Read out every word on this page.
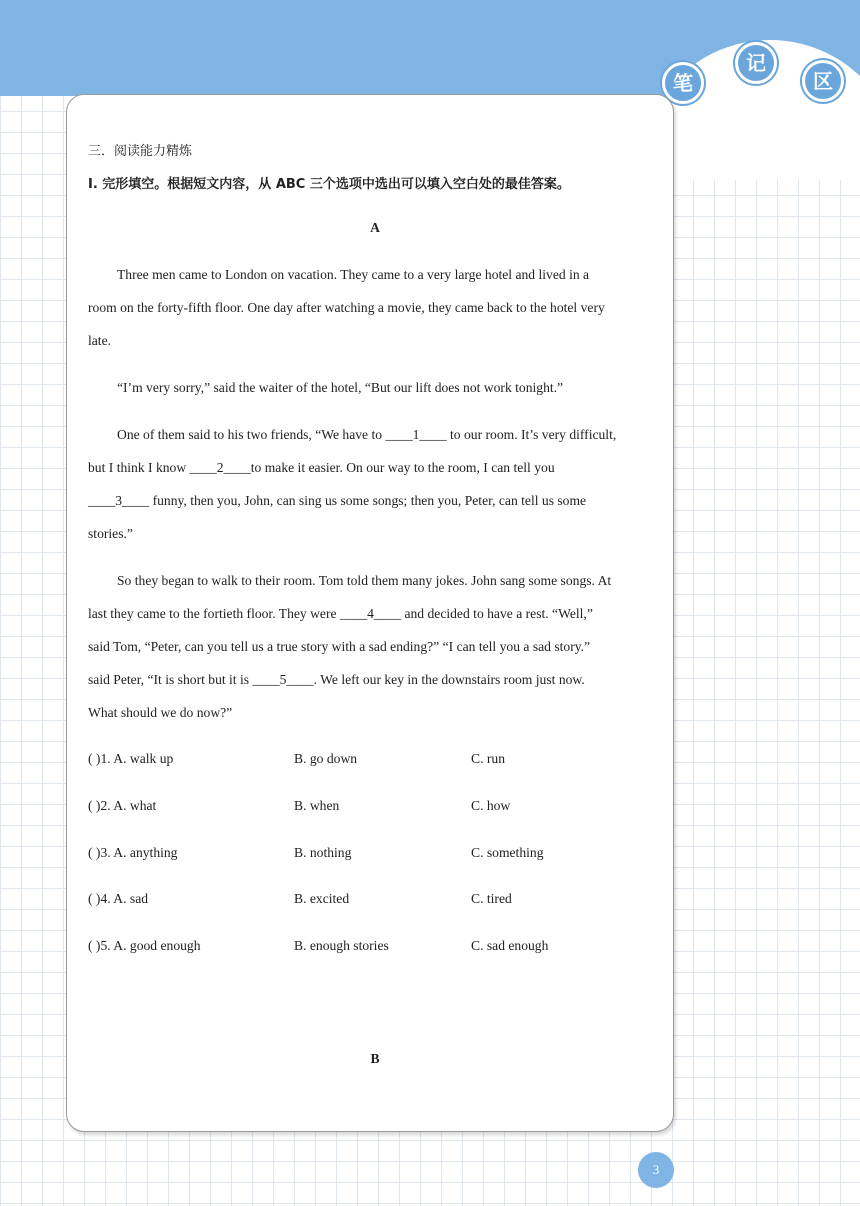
笔
记
区
三．阅读能力精炼
I. 完形填空。根据短文内容，从 ABC 三个选项中选出可以填入空白处的最佳答案。
A
Three men came to London on vacation. They came to a very large hotel and lived in a
room on the forty-fifth floor. One day after watching a movie, they came back to the hotel very
late.
“I’m very sorry,” said the waiter of the hotel, “But our lift does not work tonight.”
One of them said to his two friends, “We have to ____1____ to our room. It’s very difficult,
but I think I know ____2____to make it easier. On our way to the room, I can tell you
____3____ funny, then you, John, can sing us some songs; then you, Peter, can tell us some
stories.”
So they began to walk to their room. Tom told them many jokes. John sang some songs. At
last they came to the fortieth floor. They were ____4____ and decided to have a rest. “Well,”
said Tom, “Peter, can you tell us a true story with a sad ending?” “I can tell you a sad story.”
said Peter, “It is short but it is ____5____. We left our key in the downstairs room just now.
What should we do now?”
( )1. A. walk up	B. go down	C. run
( )2. A. what	B. when	C. how
( )3. A. anything	B. nothing	C. something
( )4. A. sad	B. excited	C. tired
( )5. A. good enough	B. enough stories	C. sad enough
B
3
